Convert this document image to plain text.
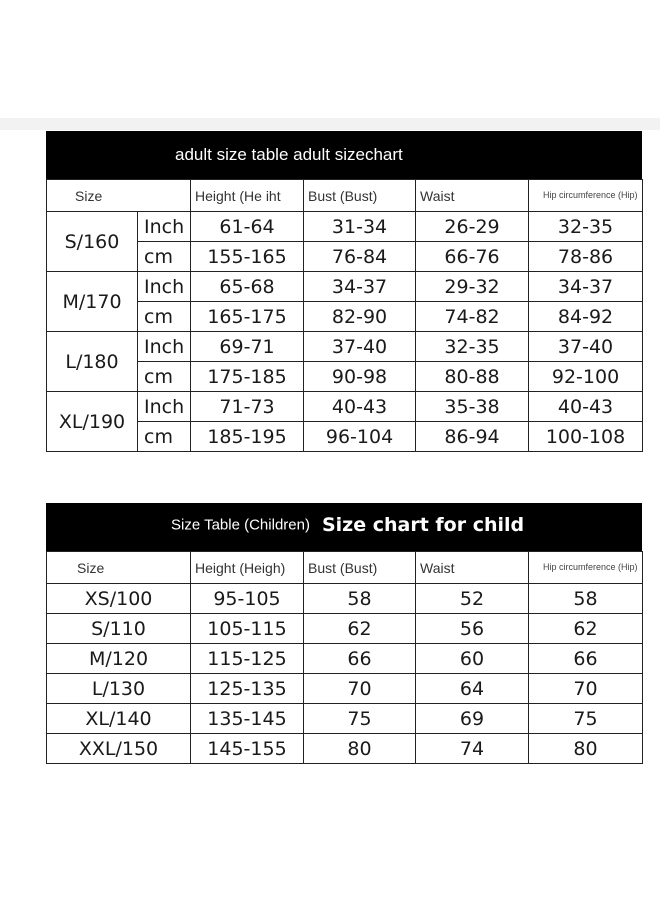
adult size table adult sizechart
Size		Height (He iht	Bust (Bust)	Waist	Hip circumference (Hip)
S/160	Inch	61-64	31-34	26-29	32-35
	cm	155-165	76-84	66-76	78-86
M/170	Inch	65-68	34-37	29-32	34-37
	cm	165-175	82-90	74-82	84-92
L/180	Inch	69-71	37-40	32-35	37-40
	cm	175-185	90-98	80-88	92-100
XL/190	Inch	71-73	40-43	35-38	40-43
	cm	185-195	96-104	86-94	100-108
Size Table (Children) Size chart for child
Size	Height (Heigh)	Bust (Bust)	Waist	Hip circumference (Hip)
XS/100	95-105	58	52	58
S/110	105-115	62	56	62
M/120	115-125	66	60	66
L/130	125-135	70	64	70
XL/140	135-145	75	69	75
XXL/150	145-155	80	74	80
